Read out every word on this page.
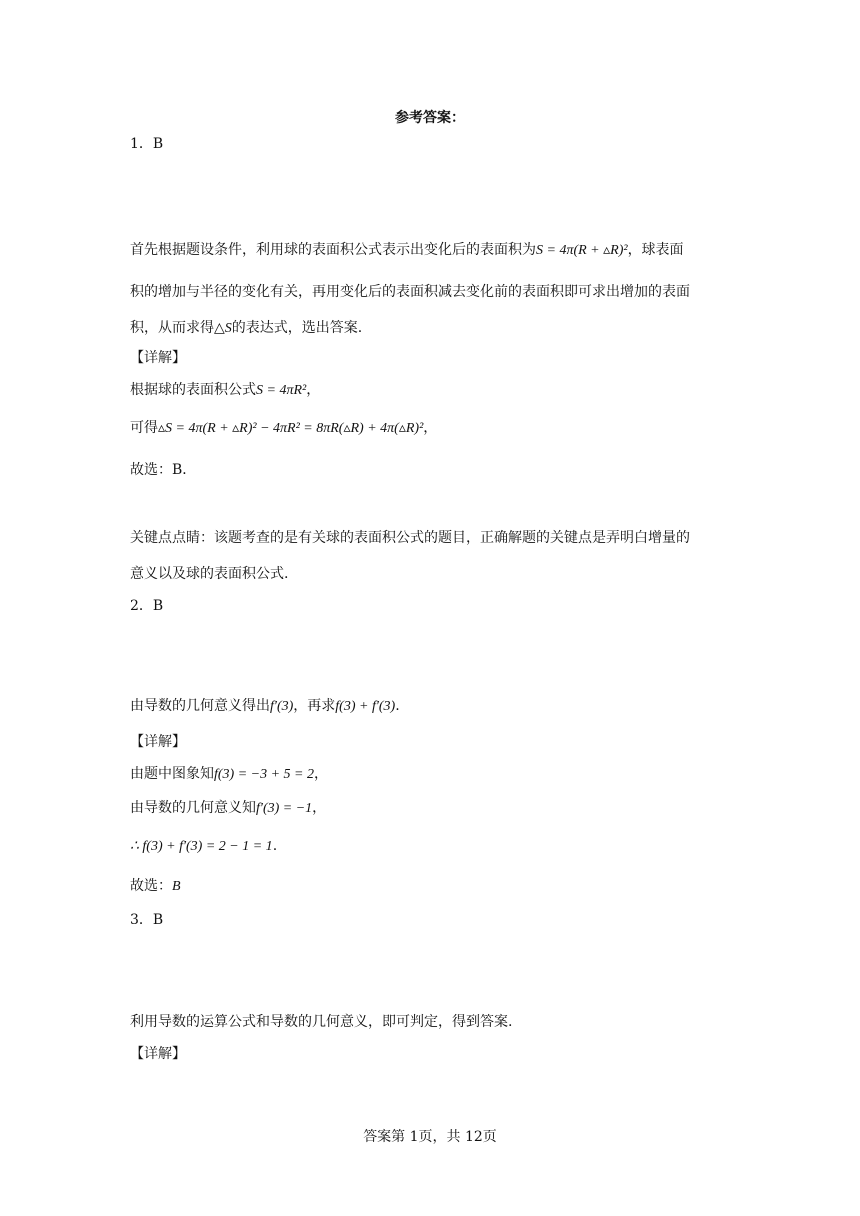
参考答案：
1．B
首先根据题设条件，利用球的表面积公式表示出变化后的表面积为S = 4π(R + ▵R)²，球表面
积的增加与半径的变化有关，再用变化后的表面积减去变化前的表面积即可求出增加的表面
积，从而求得△S的表达式，选出答案.
【详解】
根据球的表面积公式S = 4πR²，
可得▵S = 4π(R + ▵R)² − 4πR² = 8πR(▵R) + 4π(▵R)²，
故选：B．
关键点点睛：该题考查的是有关球的表面积公式的题目，正确解题的关键点是弄明白增量的
意义以及球的表面积公式.
2．B
由导数的几何意义得出f′(3)，再求f(3) + f′(3).
【详解】
由题中图象知f(3) = −3 + 5 = 2，
由导数的几何意义知f′(3) = −1，
∴ f(3) + f′(3) = 2 − 1 = 1.
故选：B
3．B
利用导数的运算公式和导数的几何意义，即可判定，得到答案.
【详解】
答案第 1页，共 12页
